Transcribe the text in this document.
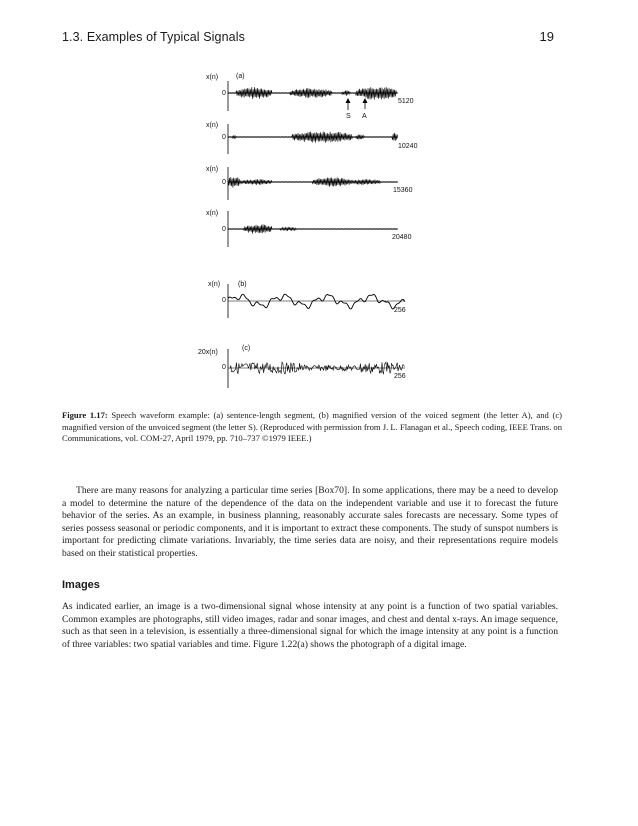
1.3. Examples of Typical Signals	19
x(n)	(a)
0
5120
S A
x(n)
0
10240
x(n)
0
15360
x(n)
0
20480
x(n)	(b)
0
256
20x(n)
(c)
0
256
Figure 1.17: Speech waveform example: (a) sentence-length segment, (b) magnified version of the voiced segment (the letter A), and (c) magnified version of the unvoiced segment (the letter S). (Reproduced with permission from J. L. Flanagan et al., Speech coding, IEEE Trans. on Communications, vol. COM-27, April 1979, pp. 710–737 ©1979 IEEE.)
There are many reasons for analyzing a particular time series [Box70]. In some applications, there may be a need to develop a model to determine the nature of the dependence of the data on the independent variable and use it to forecast the future behavior of the series. As an example, in business planning, reasonably accurate sales forecasts are necessary. Some types of series possess seasonal or periodic components, and it is important to extract these components. The study of sunspot numbers is important for predicting climate variations. Invariably, the time series data are noisy, and their representations require models based on their statistical properties.
Images
As indicated earlier, an image is a two-dimensional signal whose intensity at any point is a function of two spatial variables. Common examples are photographs, still video images, radar and sonar images, and chest and dental x-rays. An image sequence, such as that seen in a television, is essentially a three-dimensional signal for which the image intensity at any point is a function of three variables: two spatial variables and time. Figure 1.22(a) shows the photograph of a digital image.
